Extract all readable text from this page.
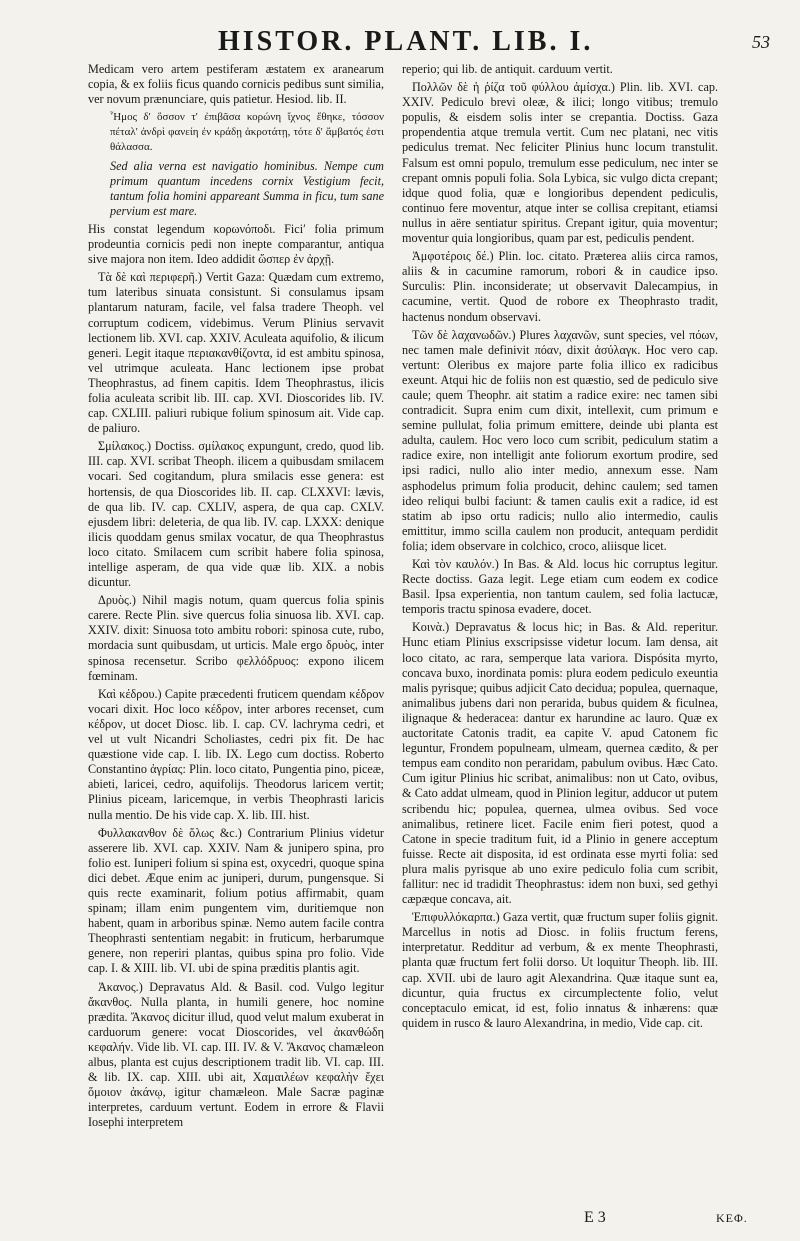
HISTOR. PLANT. LIB. I.	53

Medicam vero artem pestiferam æstatem ex aranearum copia, & ex foliis ficus quando cornicis pedibus sunt similia, ver novum prænunciare, quis patietur. Hesiod. lib. II.

Ἦμος δ' ὅσσον τ' ἐπιβᾶσα κορώνη ἴχνος ἔθηκε, τόσσον πέταλ' ἀνδρὶ φανείη ἐν κράδῃ ἀκροτάτῃ, τότε δ' ἄμβατός ἐστι θάλασσα.

Sed alia verna est navigatio hominibus. Nempe cum primum quantum incedens cornix Vestigium fecit, tantum folia homini appareant Summa in ficu, tum sane pervium est mare.

His constat legendum κορωνόποδι. Ficiʹ folia primum prodeuntia cornicis pedi non inepte comparantur, antiqua sive majora non item. Ideo addidit ὥσπερ ἐν ἀρχῇ.

Τὰ δὲ καὶ περιφερῆ.) Vertit Gaza: Quædam cum extremo, tum lateribus sinuata consistunt. Si consulamus ipsam plantarum naturam, facile, vel falsa tradere Theoph. vel corruptum codicem, videbimus. Verum Plinius servavit lectionem lib. XVI. cap. XXIV. Aculeata aquifolio, & ilicum generi. Legit itaque περιακανθίζοντα, id est ambitu spinosa, vel utrimque aculeata. Hanc lectionem ipse probat Theophrastus, ad finem capitis. Idem Theophrastus, ilicis folia aculeata scribit lib. III. cap. XVI. Dioscorides lib. IV. cap. CXLIII. paliuri rubique folium spinosum ait. Vide cap. de paliuro.

Σμίλακος.) Doctiss. σμίλακος expungunt, credo, quod lib. III. cap. XVI. scribat Theoph. ilicem a quibusdam smilacem vocari. Sed cogitandum, plura smilacis esse genera: est hortensis, de qua Dioscorides lib. II. cap. CLXXVI: lævis, de qua lib. IV. cap. CXLIV, aspera, de qua cap. CXLV. ejusdem libri: deleteria, de qua lib. IV. cap. LXXX: denique ilicis quoddam genus smilax vocatur, de qua Theophrastus loco citato. Smilacem cum scribit habere folia spinosa, intellige asperam, de qua vide quæ lib. XIX. a nobis dicuntur.

Δρυὸς.) Nihil magis notum, quam quercus folia spinis carere. Recte Plin. sive quercus folia sinuosa lib. XVI. cap. XXIV. dixit: Sinuosa toto ambitu robori: spinosa cute, rubo, mordacia sunt quibusdam, ut urticis. Male ergo δρυὸς, inter spinosa recensetur. Scribo φελλόδρυος: expono ilicem fœminam.

Καὶ κέδρου.) Capite præcedenti fruticem quendam κέδρον vocari dixit. Hoc loco κέδρον, inter arbores recenset, cum κέδρον, ut docet Diosc. lib. I. cap. CV. lachryma cedri, et vel ut vult Nicandri Scholiastes, cedri pix fit. De hac quæstione vide cap. I. lib. IX. Lego cum doctiss. Roberto Constantino ἀγρίας: Plin. loco citato, Pungentia pino, piceæ, abieti, laricei, cedro, aquifolijs. Theodorus laricem vertit; Plinius piceam, laricemque, in verbis Theophrasti laricis nulla mentio. De his vide cap. X. lib. III. hist.

Φυλλακανθον δὲ ὅλως &c.) Contrarium Plinius videtur asserere lib. XVI. cap. XXIV. Nam & junipero spina, pro folio est. Iuniperi folium si spina est, oxycedri, quoque spina dici debet. Æque enim ac juniperi, durum, pungensque. Si quis recte examinarit, folium potius affirmabit, quam spinam; illam enim pungentem vim, duritiemque non habent, quam in arboribus spinæ. Nemo autem facile contra Theophrasti sententiam negabit: in fruticum, herbarumque genere, non reperiri plantas, quibus spina pro folio. Vide cap. I. & XIII. lib. VI. ubi de spina præditis plantis agit.

Ἀκανος.) Depravatus Ald. & Basil. cod. Vulgo legitur ἄκανθος. Nulla planta, in humili genere, hoc nomine prædita. Ἄκανος dicitur illud, quod velut malum exuberat in carduorum genere: vocat Dioscorides, vel ἀκανθώδη κεφαλήν. Vide lib. VI. cap. III. IV. & V. Ἄκανος chamæleon albus, planta est cujus descriptionem tradit lib. VI. cap. III. & lib. IX. cap. XIII. ubi ait, Χαμαιλέων κεφαλὴν ἔχει ὅμοιον ἀκάνῳ, igitur chamæleon. Male Sacræ paginæ interpretes, carduum vertunt. Eodem in errore & Flavii Iosephi interpretem

reperio; qui lib. de antiquit. carduum vertit.

Πολλῶν δὲ ἡ ῥίζα τοῦ φύλλου ἀμίσχα.) Plin. lib. XVI. cap. XXIV. Pediculo brevi oleæ, & ilici; longo vitibus; tremulo populis, & eisdem solis inter se crepantia. Doctiss. Gaza propendentia atque tremula vertit. Cum nec platani, nec vitis pediculus tremat. Nec feliciter Plinius hunc locum transtulit. Falsum est omni populo, tremulum esse pediculum, nec inter se crepant omnis populi folia. Sola Lybica, sic vulgo dicta crepant; idque quod folia, quæ e longioribus dependent pediculis, continuo fere moventur, atque inter se collisa crepitant, etiamsi nullus in aëre sentiatur spiritus. Crepant igitur, quia moventur; moventur quia longioribus, quam par est, pediculis pendent.

Ἀμφοτέροις δέ.) Plin. loc. citato. Præterea aliis circa ramos, aliis & in cacumine ramorum, robori & in caudice ipso. Surculis: Plin. inconsiderate; ut observavit Dalecampius, in cacumine, vertit. Quod de robore ex Theophrasto tradit, hactenus nondum observavi.

Τῶν δὲ λαχανωδῶν.) Plures λαχανῶν, sunt species, vel πόων, nec tamen male definivit πόαν, dixit ἀσύλαγκ. Hoc vero cap. vertunt: Oleribus ex majore parte folia illico ex radicibus exeunt. Atqui hic de foliis non est quæstio, sed de pediculo sive caule; quem Theophr. ait statim a radice exire: nec tamen sibi contradicit. Supra enim cum dixit, intellexit, cum primum e semine pullulat, folia primum emittere, deinde ubi planta est adulta, caulem. Hoc vero loco cum scribit, pediculum statim a radice exire, non intelligit ante foliorum exortum prodire, sed ipsi radici, nullo alio inter medio, annexum esse. Nam asphodelus primum folia producit, dehinc caulem; sed tamen ideo reliqui bulbi faciunt: & tamen caulis exit a radice, id est statim ab ipso ortu radicis; nullo alio intermedio, caulis emittitur, immo scilla caulem non producit, antequam perdidit folia; idem observare in colchico, croco, aliisque licet.

Καὶ τὸν καυλόν.) In Bas. & Ald. locus hic corruptus legitur. Recte doctiss. Gaza legit. Lege etiam cum eodem ex codice Basil. Ipsa experientia, non tantum caulem, sed folia lactucæ, temporis tractu spinosa evadere, docet.

Κοινὰ.) Depravatus & locus hic; in Bas. & Ald. reperitur. Hunc etiam Plinius exscripsisse videtur locum. Iam densa, ait loco citato, ac rara, semperque lata variora. Dispósita myrto, concava buxo, inordinata pomis: plura eodem pediculo exeuntia malis pyrisque; quibus adjicit Cato decidua; populea, quernaque, animalibus jubens dari non peraridа, bubus quidem & ficulnea, ilignaque & hederacea: dantur ex harundine ac lauro. Quæ ex auctoritate Catonis tradit, ea capite V. apud Catonem fic leguntur, Frondem populneam, ulmeam, quernea cædito, & per tempus eam condito non peraridam, pabulum ovibus. Hæc Cato. Cum igitur Plinius hic scribat, animalibus: non ut Cato, ovibus, & Cato addat ulmeam, quod in Plinion legitur, adducor ut putem scribendu hic; populea, quernea, ulmea ovibus. Sed voce animalibus, retinere licet. Facile enim fieri potest, quod a Catone in specie traditum fuit, id a Plinio in genere acceptum fuisse. Recte ait disposita, id est ordinata esse myrti folia: sed plura malis pyrisque ab uno exire pediculo folia cum scribit, fallitur: nec id tradidit Theophrastus: idem non buxi, sed gethyi cæpæque concava, ait.

Ἐπιφυλλόκαρπα.) Gaza vertit, quæ fructum super foliis gignit. Marcellus in notis ad Diosc. in foliis fructum ferens, interpretatur. Redditur ad verbum, & ex mente Theophrasti, planta quæ fructum fert folii dorso. Ut loquitur Theoph. lib. III. cap. XVII. ubi de lauro agit Alexandrina. Quæ itaque sunt ea, dicuntur, quia fructus ex circumplectente folio, velut conceptaculo emicat, id est, folio innatus & inhærens: quæ quidem in rusco & lauro Alexandrina, in medio, Vide cap. cit.

E 3	ΚΕΦ.
